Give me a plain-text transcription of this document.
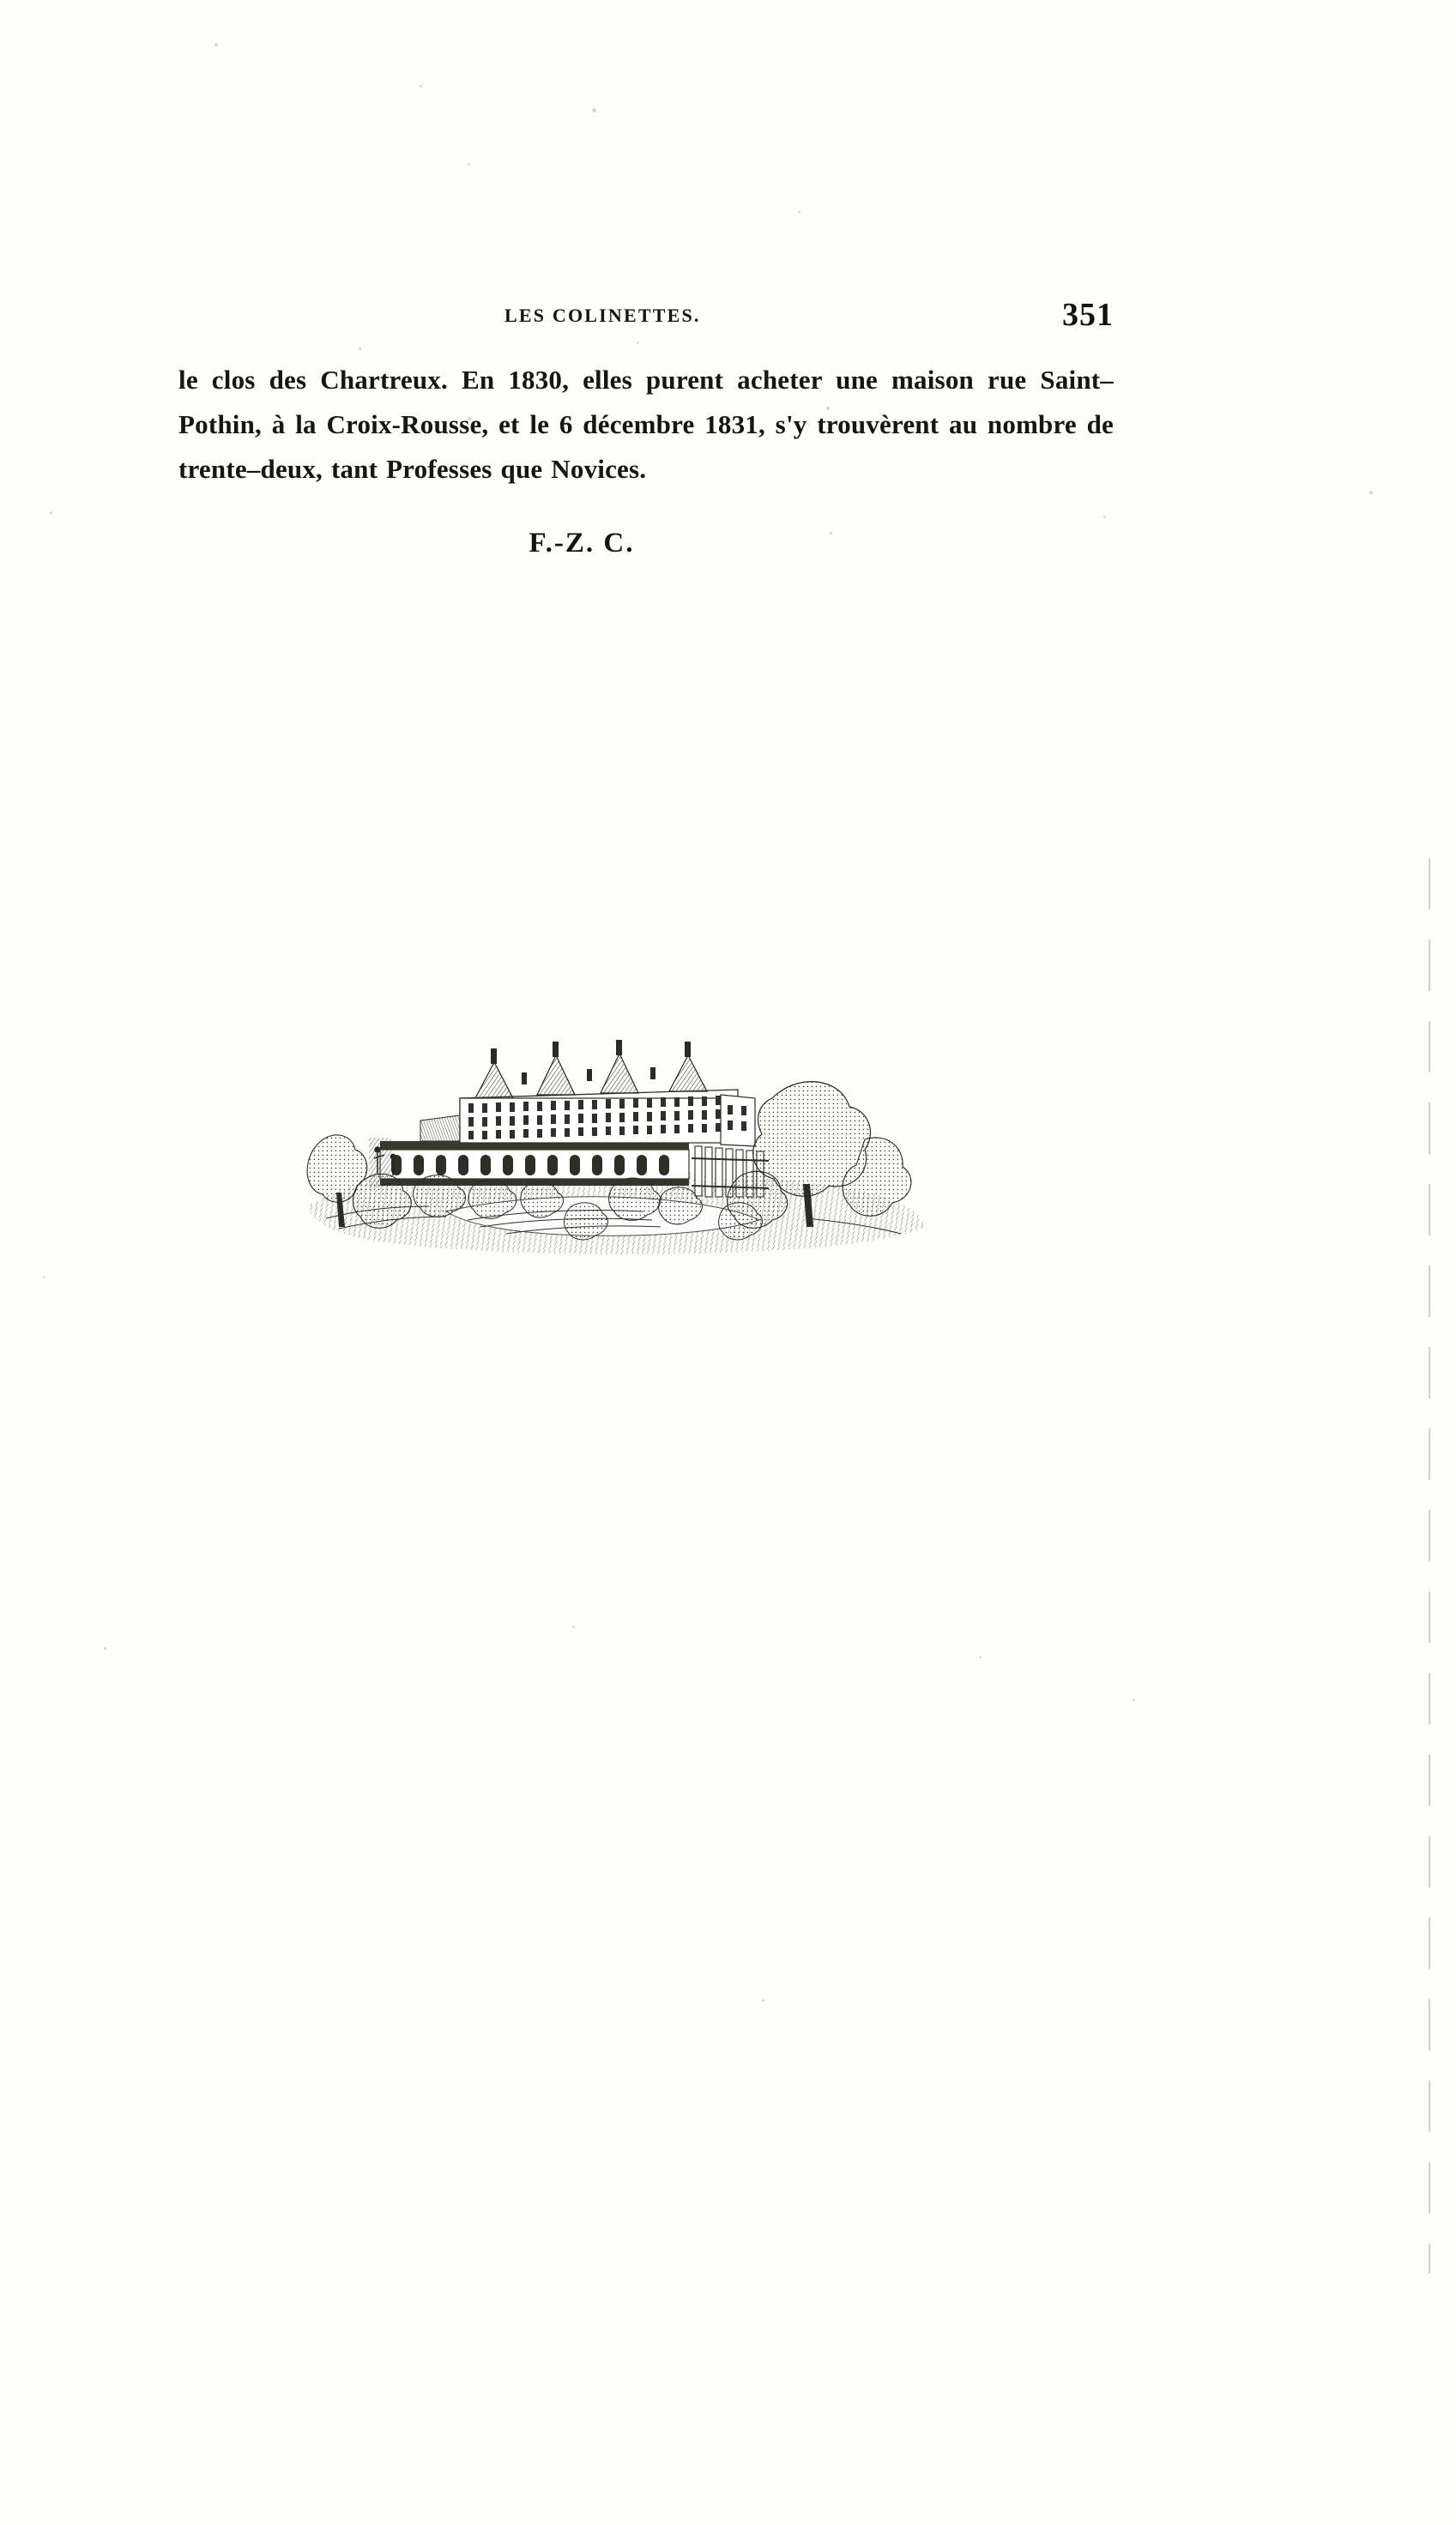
LES COLINETTES.	351

le clos des Chartreux. En 1830, elles purent acheter une maison rue Saint–Pothin, à la Croix-Rousse, et le 6 décembre 1831, s'y trouvèrent au nombre de trente–deux, tant Professes que Novices.

F.-Z. C.
